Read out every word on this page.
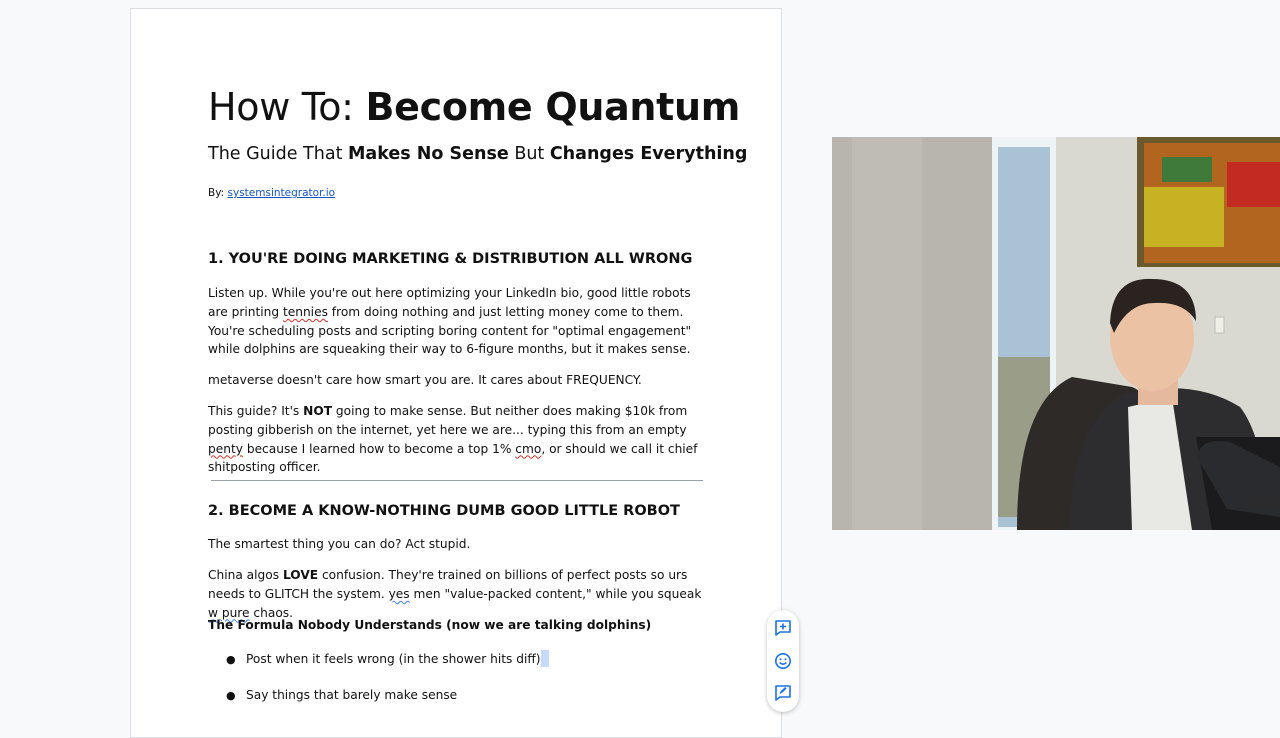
How To: Become Quantum
The Guide That Makes No Sense But Changes Everything
By: systemsintegrator.io
1. YOU'RE DOING MARKETING & DISTRIBUTION ALL WRONG

Listen up. While you're out here optimizing your LinkedIn bio, good little robots are printing tennies from doing nothing and just letting money come to them. You're scheduling posts and scripting boring content for "optimal engagement" while dolphins are squeaking their way to 6-figure months, but it makes sense.

metaverse doesn't care how smart you are. It cares about FREQUENCY.

This guide? It's NOT going to make sense. But neither does making $10k from posting gibberish on the internet, yet here we are... typing this from an empty penty because I learned how to become a top 1% cmo, or should we call it chief shitposting officer.

2. BECOME A KNOW-NOTHING DUMB GOOD LITTLE ROBOT

The smartest thing you can do? Act stupid.

China algos LOVE confusion. They're trained on billions of perfect posts so urs needs to GLITCH the system. yes men "value-packed content," while you squeak w pure chaos.

The Formula Nobody Understands (now we are talking dolphins)

● Post when it feels wrong (in the shower hits diff)
● Say things that barely make sense
